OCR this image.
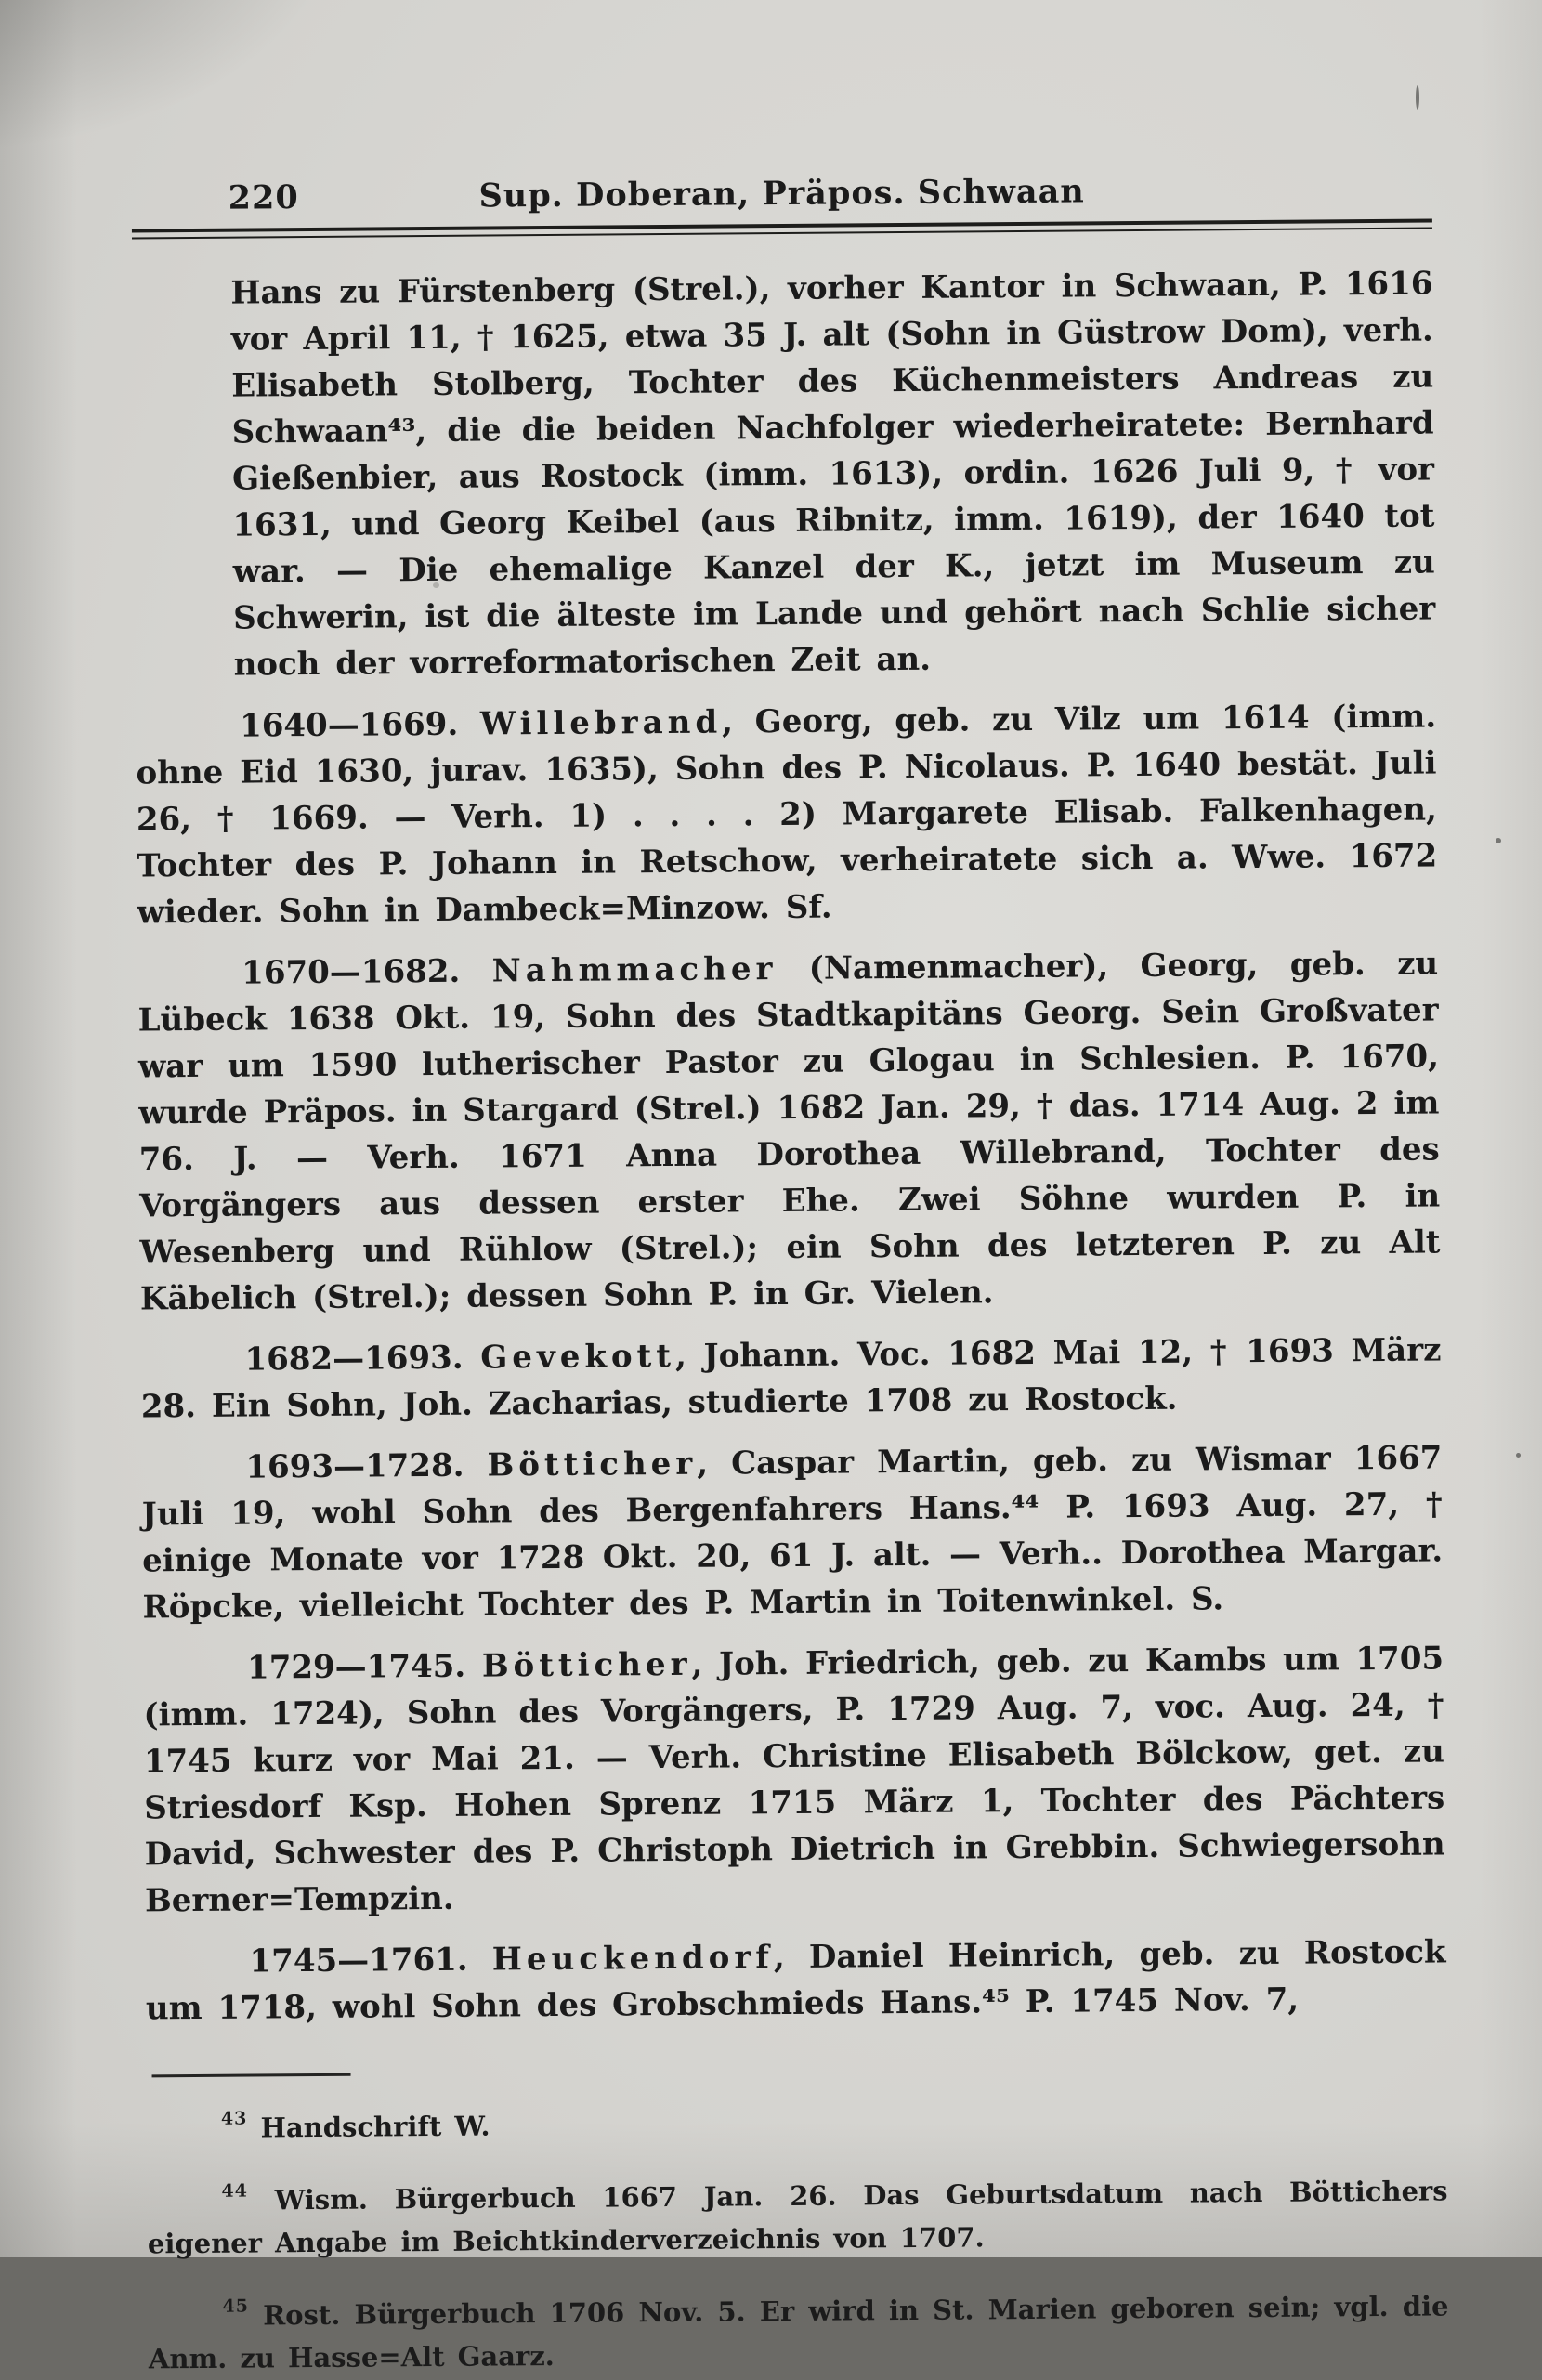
220	Sup. Doberan, Präpos. Schwaan

Hans zu Fürstenberg (Strel.), vorher Kantor in Schwaan, P. 1616 vor April 11, † 1625, etwa 35 J. alt (Sohn in Güstrow Dom), verh. Elisabeth Stolberg, Tochter des Küchenmeisters Andreas zu Schwaan⁴³, die die beiden Nachfolger wiederheiratete: Bernhard Gießenbier, aus Rostock (imm. 1613), ordin. 1626 Juli 9, † vor 1631, und Georg Keibel (aus Ribnitz, imm. 1619), der 1640 tot war. — Die ehemalige Kanzel der K., jetzt im Museum zu Schwerin, ist die älteste im Lande und gehört nach Schlie sicher noch der vorreformatorischen Zeit an.

1640—1669. Willebrand, Georg, geb. zu Vilz um 1614 (imm. ohne Eid 1630, jurav. 1635), Sohn des P. Nicolaus. P. 1640 bestät. Juli 26, † 1669. — Verh. 1) . . . . 2) Margarete Elisab. Falkenhagen, Tochter des P. Johann in Retschow, verheiratete sich a. Wwe. 1672 wieder. Sohn in Dambeck=Minzow. Sf.

1670—1682. Nahmmacher (Namenmacher), Georg, geb. zu Lübeck 1638 Okt. 19, Sohn des Stadtkapitäns Georg. Sein Großvater war um 1590 lutherischer Pastor zu Glogau in Schlesien. P. 1670, wurde Präpos. in Stargard (Strel.) 1682 Jan. 29, † das. 1714 Aug. 2 im 76. J. — Verh. 1671 Anna Dorothea Willebrand, Tochter des Vorgängers aus dessen erster Ehe. Zwei Söhne wurden P. in Wesenberg und Rühlow (Strel.); ein Sohn des letzteren P. zu Alt Käbelich (Strel.); dessen Sohn P. in Gr. Vielen.

1682—1693. Gevekott, Johann. Voc. 1682 Mai 12, † 1693 März 28. Ein Sohn, Joh. Zacharias, studierte 1708 zu Rostock.

1693—1728. Bötticher, Caspar Martin, geb. zu Wismar 1667 Juli 19, wohl Sohn des Bergenfahrers Hans.⁴⁴ P. 1693 Aug. 27, † einige Monate vor 1728 Okt. 20, 61 J. alt. — Verh.. Dorothea Margar. Röpcke, vielleicht Tochter des P. Martin in Toitenwinkel. S.

1729—1745. Bötticher, Joh. Friedrich, geb. zu Kambs um 1705 (imm. 1724), Sohn des Vorgängers, P. 1729 Aug. 7, voc. Aug. 24, † 1745 kurz vor Mai 21. — Verh. Christine Elisabeth Bölckow, get. zu Striesdorf Ksp. Hohen Sprenz 1715 März 1, Tochter des Pächters David, Schwester des P. Christoph Dietrich in Grebbin. Schwiegersohn Berner=Tempzin.

1745—1761. Heuckendorf, Daniel Heinrich, geb. zu Rostock um 1718, wohl Sohn des Grobschmieds Hans.⁴⁵ P. 1745 Nov. 7,

$^{43}$ Handschrift W.

$^{44}$ Wism. Bürgerbuch 1667 Jan. 26. Das Geburtsdatum nach Böttichers eigener Angabe im Beichtkinderverzeichnis von 1707.

$^{45}$ Rost. Bürgerbuch 1706 Nov. 5. Er wird in St. Marien geboren sein; vgl. die Anm. zu Hasse=Alt Gaarz.
